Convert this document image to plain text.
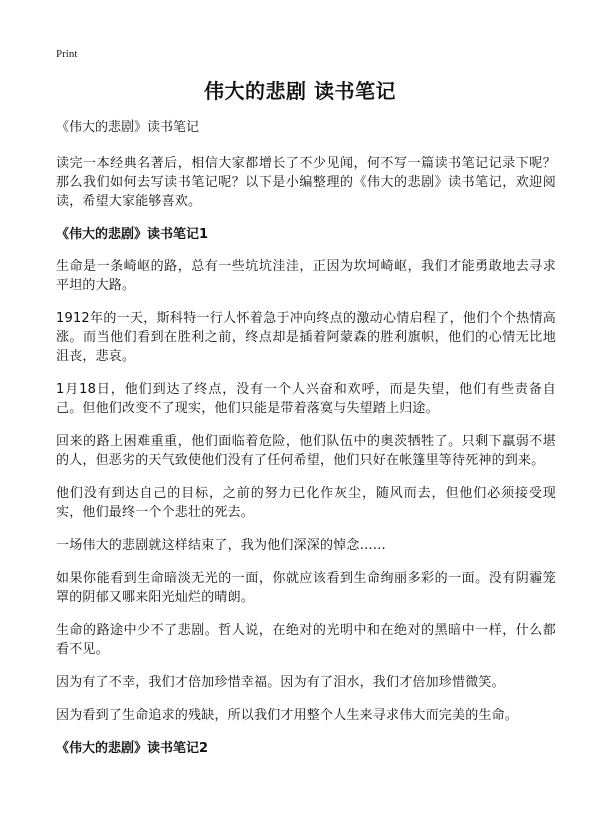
Print
伟大的悲剧 读书笔记

《伟大的悲剧》读书笔记

读完一本经典名著后，相信大家都增长了不少见闻，何不写一篇读书笔记记录下呢？那么我们如何去写读书笔记呢？以下是小编整理的《伟大的悲剧》读书笔记，欢迎阅读，希望大家能够喜欢。

《伟大的悲剧》读书笔记1

生命是一条崎岖的路，总有一些坑坑洼洼，正因为坎坷崎岖，我们才能勇敢地去寻求平坦的大路。

1912年的一天，斯科特一行人怀着急于冲向终点的激动心情启程了，他们个个热情高涨。而当他们看到在胜利之前，终点却是插着阿蒙森的胜利旗帜，他们的心情无比地沮丧，悲哀。

1月18日，他们到达了终点，没有一个人兴奋和欢呼，而是失望，他们有些责备自己。但他们改变不了现实，他们只能是带着落寞与失望踏上归途。

回来的路上困难重重，他们面临着危险，他们队伍中的奥茨牺牲了。只剩下羸弱不堪的人，但恶劣的天气致使他们没有了任何希望，他们只好在帐篷里等待死神的到来。

他们没有到达自己的目标，之前的努力已化作灰尘，随风而去，但他们必须接受现实，他们最终一个个悲壮的死去。

一场伟大的悲剧就这样结束了，我为他们深深的悼念……

如果你能看到生命暗淡无光的一面，你就应该看到生命绚丽多彩的一面。没有阴霾笼罩的阴郁又哪来阳光灿烂的晴朗。

生命的路途中少不了悲剧。哲人说，在绝对的光明中和在绝对的黑暗中一样，什么都看不见。

因为有了不幸，我们才倍加珍惜幸福。因为有了泪水，我们才倍加珍惜微笑。

因为看到了生命追求的残缺，所以我们才用整个人生来寻求伟大而完美的生命。

《伟大的悲剧》读书笔记2
